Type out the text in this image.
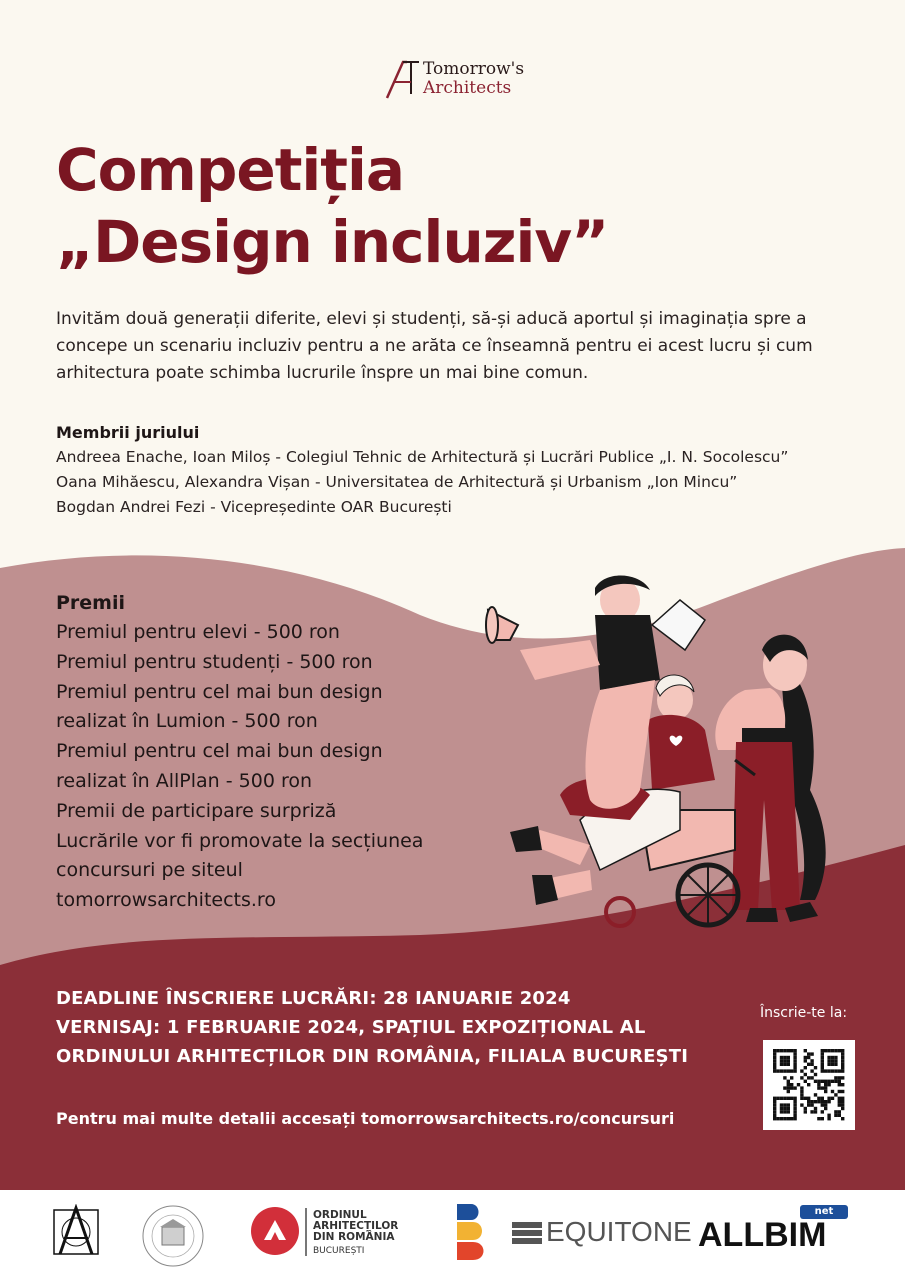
Tomorrow's
Architects
Competiția
„Design incluziv”
Invităm două generații diferite, elevi și studenți, să-și aducă aportul și imaginația spre a
concepe un scenariu incluziv pentru a ne arăta ce înseamnă pentru ei acest lucru și cum
arhitectura poate schimba lucrurile înspre un mai bine comun.
Membrii juriului
Andreea Enache, Ioan Miloș - Colegiul Tehnic de Arhitectură și Lucrări Publice „I. N. Socolescu”
Oana Mihăescu, Alexandra Vișan - Universitatea de Arhitectură și Urbanism „Ion Mincu”
Bogdan Andrei Fezi - Vicepreședinte OAR București
Premii
Premiul pentru elevi - 500 ron
Premiul pentru studenți - 500 ron
Premiul pentru cel mai bun design
realizat în Lumion - 500 ron
Premiul pentru cel mai bun design
realizat în AllPlan - 500 ron
Premii de participare surpriză
Lucrările vor fi promovate la secțiunea
concursuri pe siteul
tomorrowsarchitects.ro
DEADLINE ÎNSCRIERE LUCRĂRI: 28 IANUARIE 2024
VERNISAJ: 1 FEBRUARIE 2024, SPAȚIUL EXPOZIȚIONAL AL
ORDINULUI ARHITECȚILOR DIN ROMÂNIA, FILIALA BUCUREȘTI
Înscrie-te la:
Pentru mai multe detalii accesați tomorrowsarchitects.ro/concursuri
ORDINUL
ARHITECȚILOR
DIN ROMÂNIA
BUCUREȘTI
EQUITONE
net
ALLBIM
